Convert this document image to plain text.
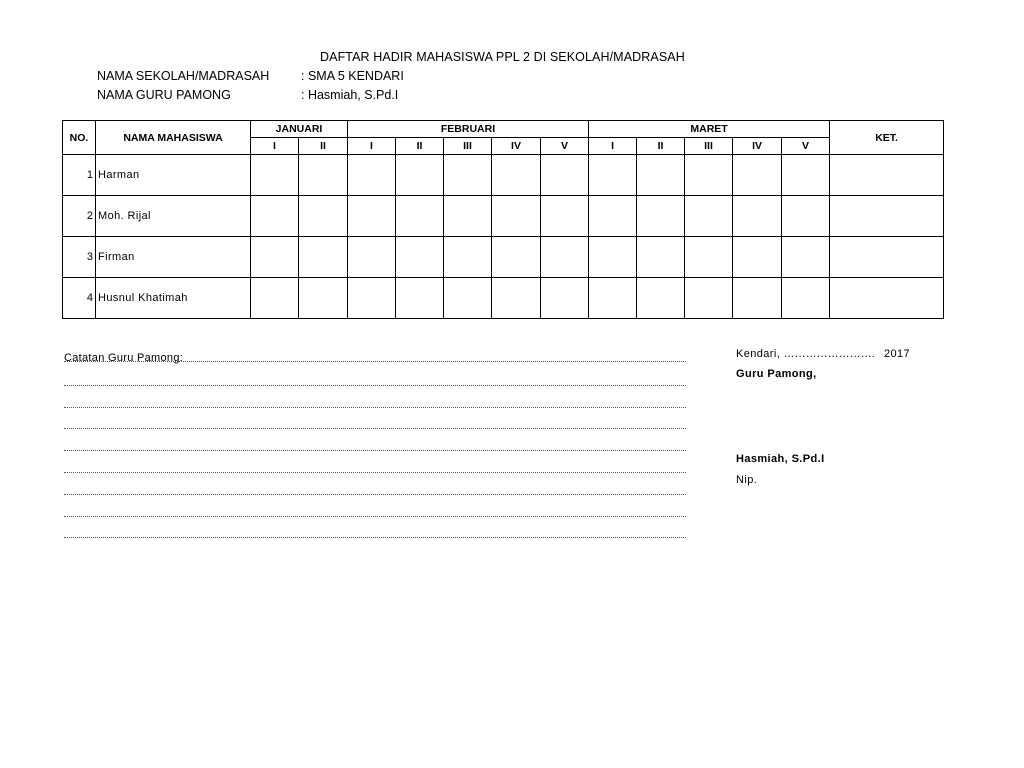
DAFTAR HADIR MAHASISWA PPL 2 DI SEKOLAH/MADRASAH
NAMA SEKOLAH/MADRASAH	: SMA 5 KENDARI
NAMA GURU PAMONG	: Hasmiah, S.Pd.I
NO.	NAMA MAHASISWA	JANUARI		FEBRUARI					MARET					KET.
		I	II	I	II	III	IV	V	I	II	III	IV	V	
1	Harman													
2	Moh. Rijal													
3	Firman													
4	Husnul Khatimah													
Catatan Guru Pamong:	Kendari, ……………………. 2017
Guru Pamong,
Hasmiah, S.Pd.I
Nip.
